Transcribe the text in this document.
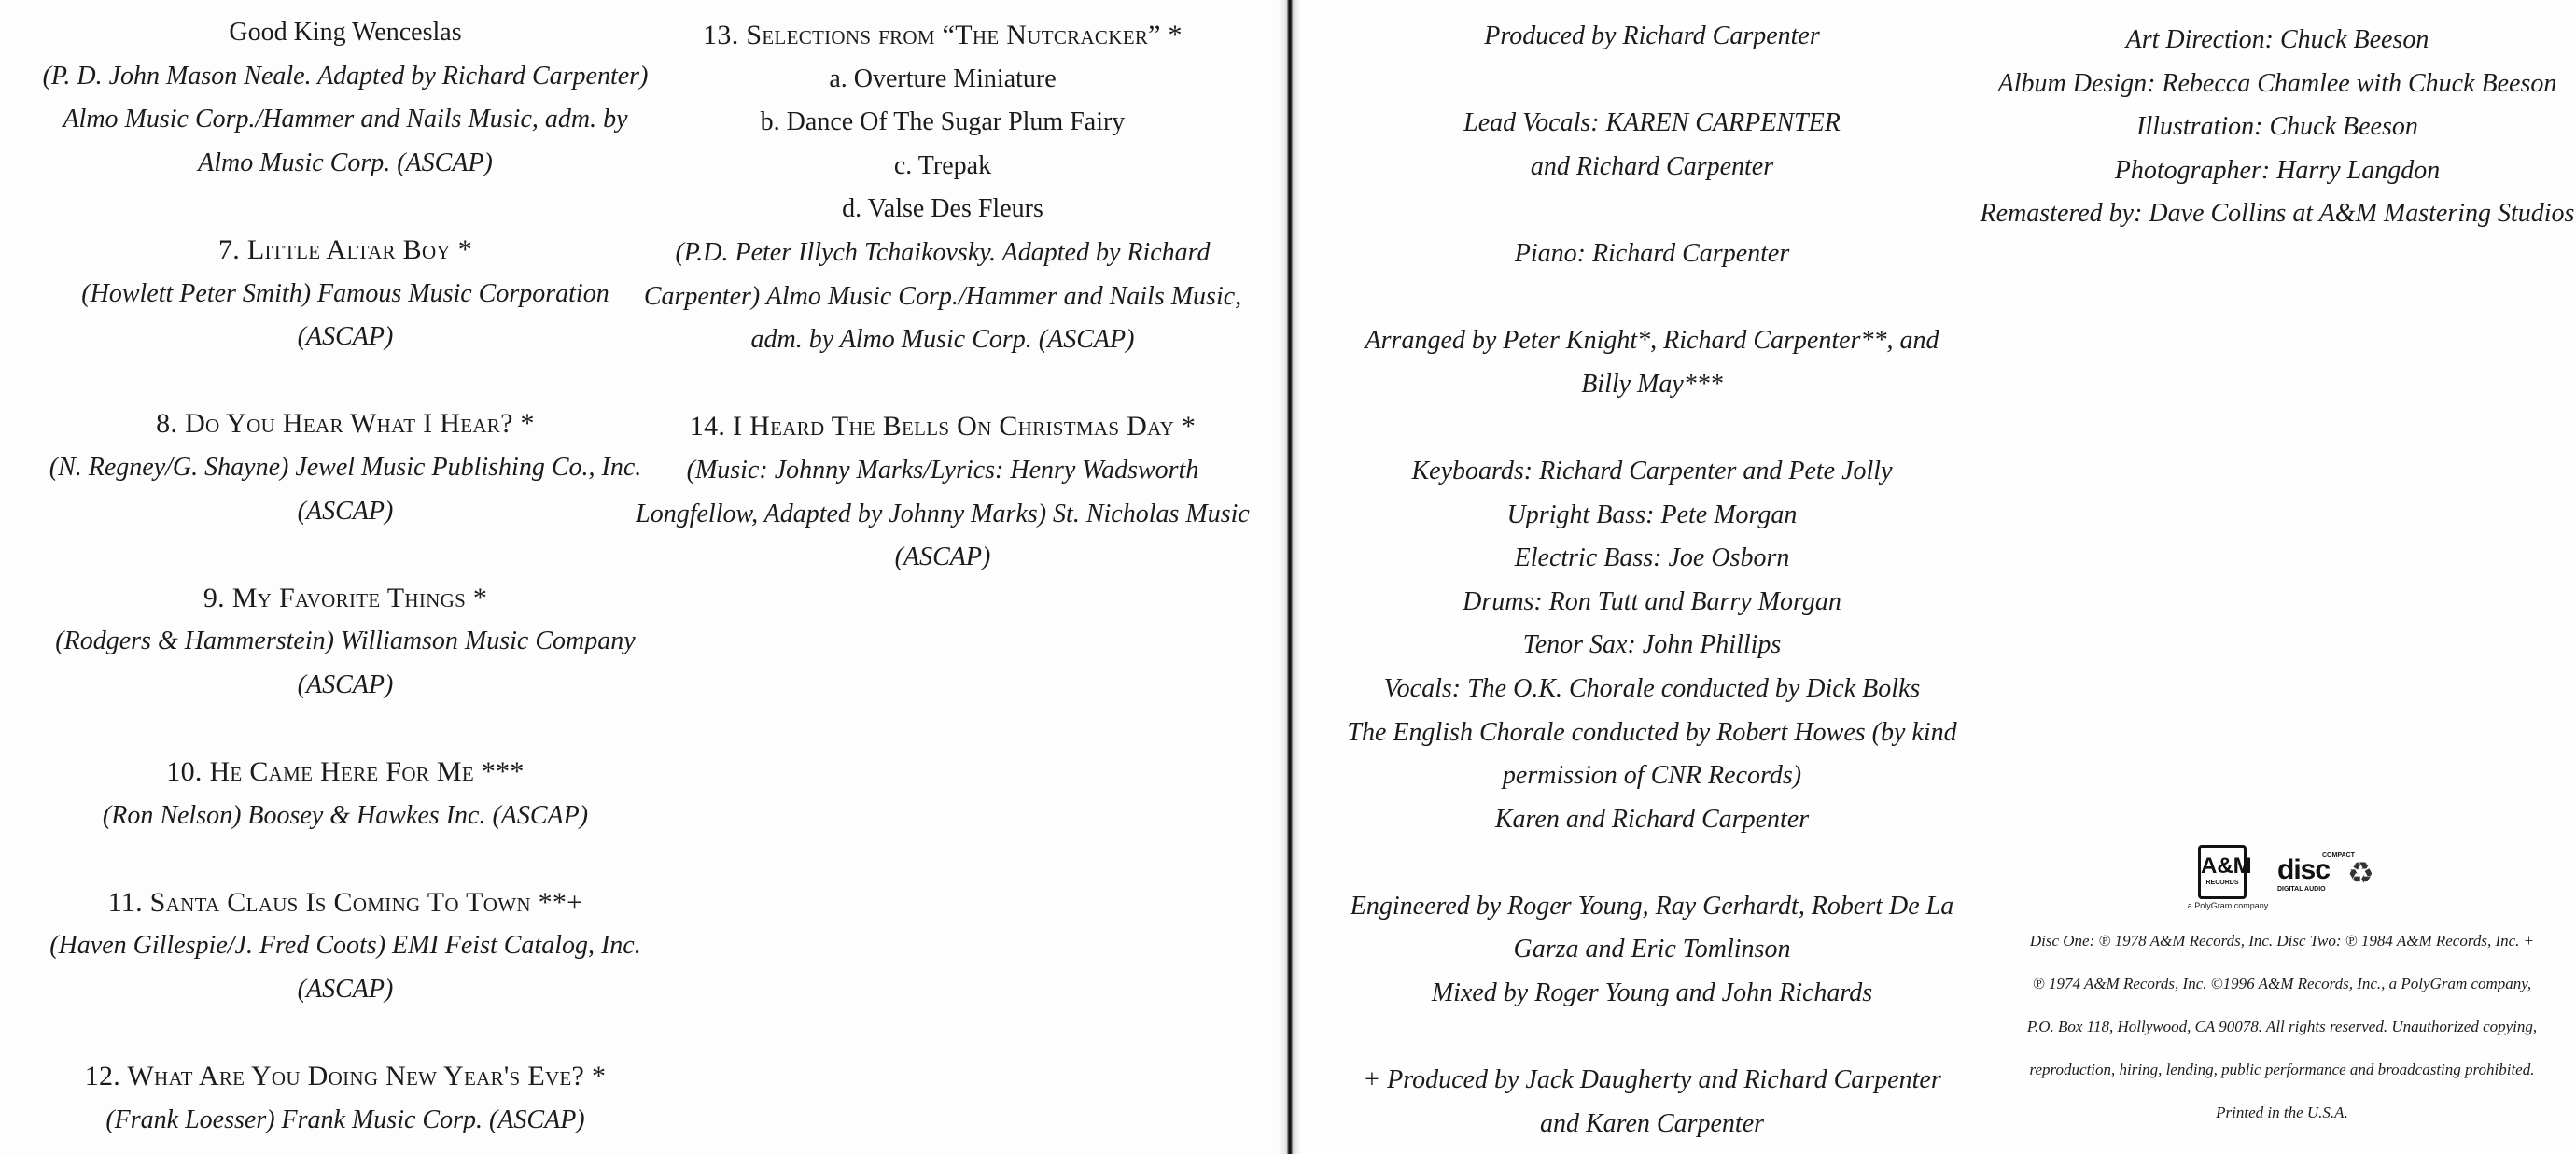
Good King Wenceslas
(P. D. John Mason Neale. Adapted by Richard Carpenter)
Almo Music Corp./Hammer and Nails Music, adm. by
Almo Music Corp. (ASCAP)
7. Little Altar Boy *
(Howlett Peter Smith) Famous Music Corporation
(ASCAP)
8. Do You Hear What I Hear? *
(N. Regney/G. Shayne) Jewel Music Publishing Co., Inc.
(ASCAP)
9. My Favorite Things *
(Rodgers & Hammerstein) Williamson Music Company
(ASCAP)
10. He Came Here For Me ***
(Ron Nelson) Boosey & Hawkes Inc. (ASCAP)
11. Santa Claus Is Coming To Town **+
(Haven Gillespie/J. Fred Coots) EMI Feist Catalog, Inc.
(ASCAP)
12. What Are You Doing New Year's Eve? *
(Frank Loesser) Frank Music Corp. (ASCAP)
13. Selections from “The Nutcracker” *
a. Overture Miniature
b. Dance Of The Sugar Plum Fairy
c. Trepak
d. Valse Des Fleurs
(P.D. Peter Illych Tchaikovsky. Adapted by Richard
Carpenter) Almo Music Corp./Hammer and Nails Music,
adm. by Almo Music Corp. (ASCAP)
14. I Heard The Bells On Christmas Day *
(Music: Johnny Marks/Lyrics: Henry Wadsworth
Longfellow, Adapted by Johnny Marks) St. Nicholas Music
(ASCAP)
Produced by Richard Carpenter
Lead Vocals: KAREN CARPENTER
and Richard Carpenter
Piano: Richard Carpenter
Arranged by Peter Knight*, Richard Carpenter**, and
Billy May***
Keyboards: Richard Carpenter and Pete Jolly
Upright Bass: Pete Morgan
Electric Bass: Joe Osborn
Drums: Ron Tutt and Barry Morgan
Tenor Sax: John Phillips
Vocals: The O.K. Chorale conducted by Dick Bolks
The English Chorale conducted by Robert Howes (by kind
permission of CNR Records)
Karen and Richard Carpenter
Engineered by Roger Young, Ray Gerhardt, Robert De La
Garza and Eric Tomlinson
Mixed by Roger Young and John Richards
+ Produced by Jack Daugherty and Richard Carpenter
and Karen Carpenter
Art Direction: Chuck Beeson
Album Design: Rebecca Chamlee with Chuck Beeson
Illustration: Chuck Beeson
Photographer: Harry Langdon
Remastered by: Dave Collins at A&M Mastering Studios
A&M
RECORDS
a PolyGram company
disc
COMPACT
DIGITAL AUDIO ♻
Disc One: ℗ 1978 A&M Records, Inc. Disc Two: ℗ 1984 A&M Records, Inc. +
℗ 1974 A&M Records, Inc. ©1996 A&M Records, Inc., a PolyGram company,
P.O. Box 118, Hollywood, CA 90078. All rights reserved. Unauthorized copying,
reproduction, hiring, lending, public performance and broadcasting prohibited.
Printed in the U.S.A.
